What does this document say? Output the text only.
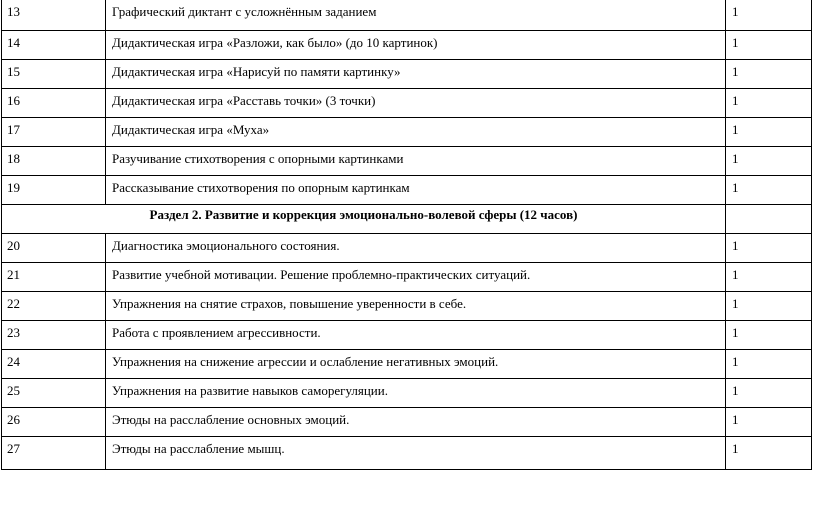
13	Графический диктант с усложнённым заданием	1
14	Дидактическая игра «Разложи, как было» (до 10 картинок)	1
15	Дидактическая игра «Нарисуй по памяти картинку»	1
16	Дидактическая игра «Расставь точки» (3 точки)	1
17	Дидактическая игра «Муха»	1
18	Разучивание стихотворения с опорными картинками	1
19	Рассказывание стихотворения по опорным картинкам	1
Раздел 2. Развитие и коррекция эмоционально-волевой сферы (12 часов)		
20	Диагностика эмоционального состояния.	1
21	Развитие учебной мотивации. Решение проблемно-практических ситуаций.	1
22	Упражнения на снятие страхов, повышение уверенности в себе.	1
23	Работа с проявлением агрессивности.	1
24	Упражнения на снижение агрессии и ослабление негативных эмоций.	1
25	Упражнения на развитие навыков саморегуляции.	1
26	Этюды на расслабление основных эмоций.	1
27	Этюды на расслабление мышц.	1
